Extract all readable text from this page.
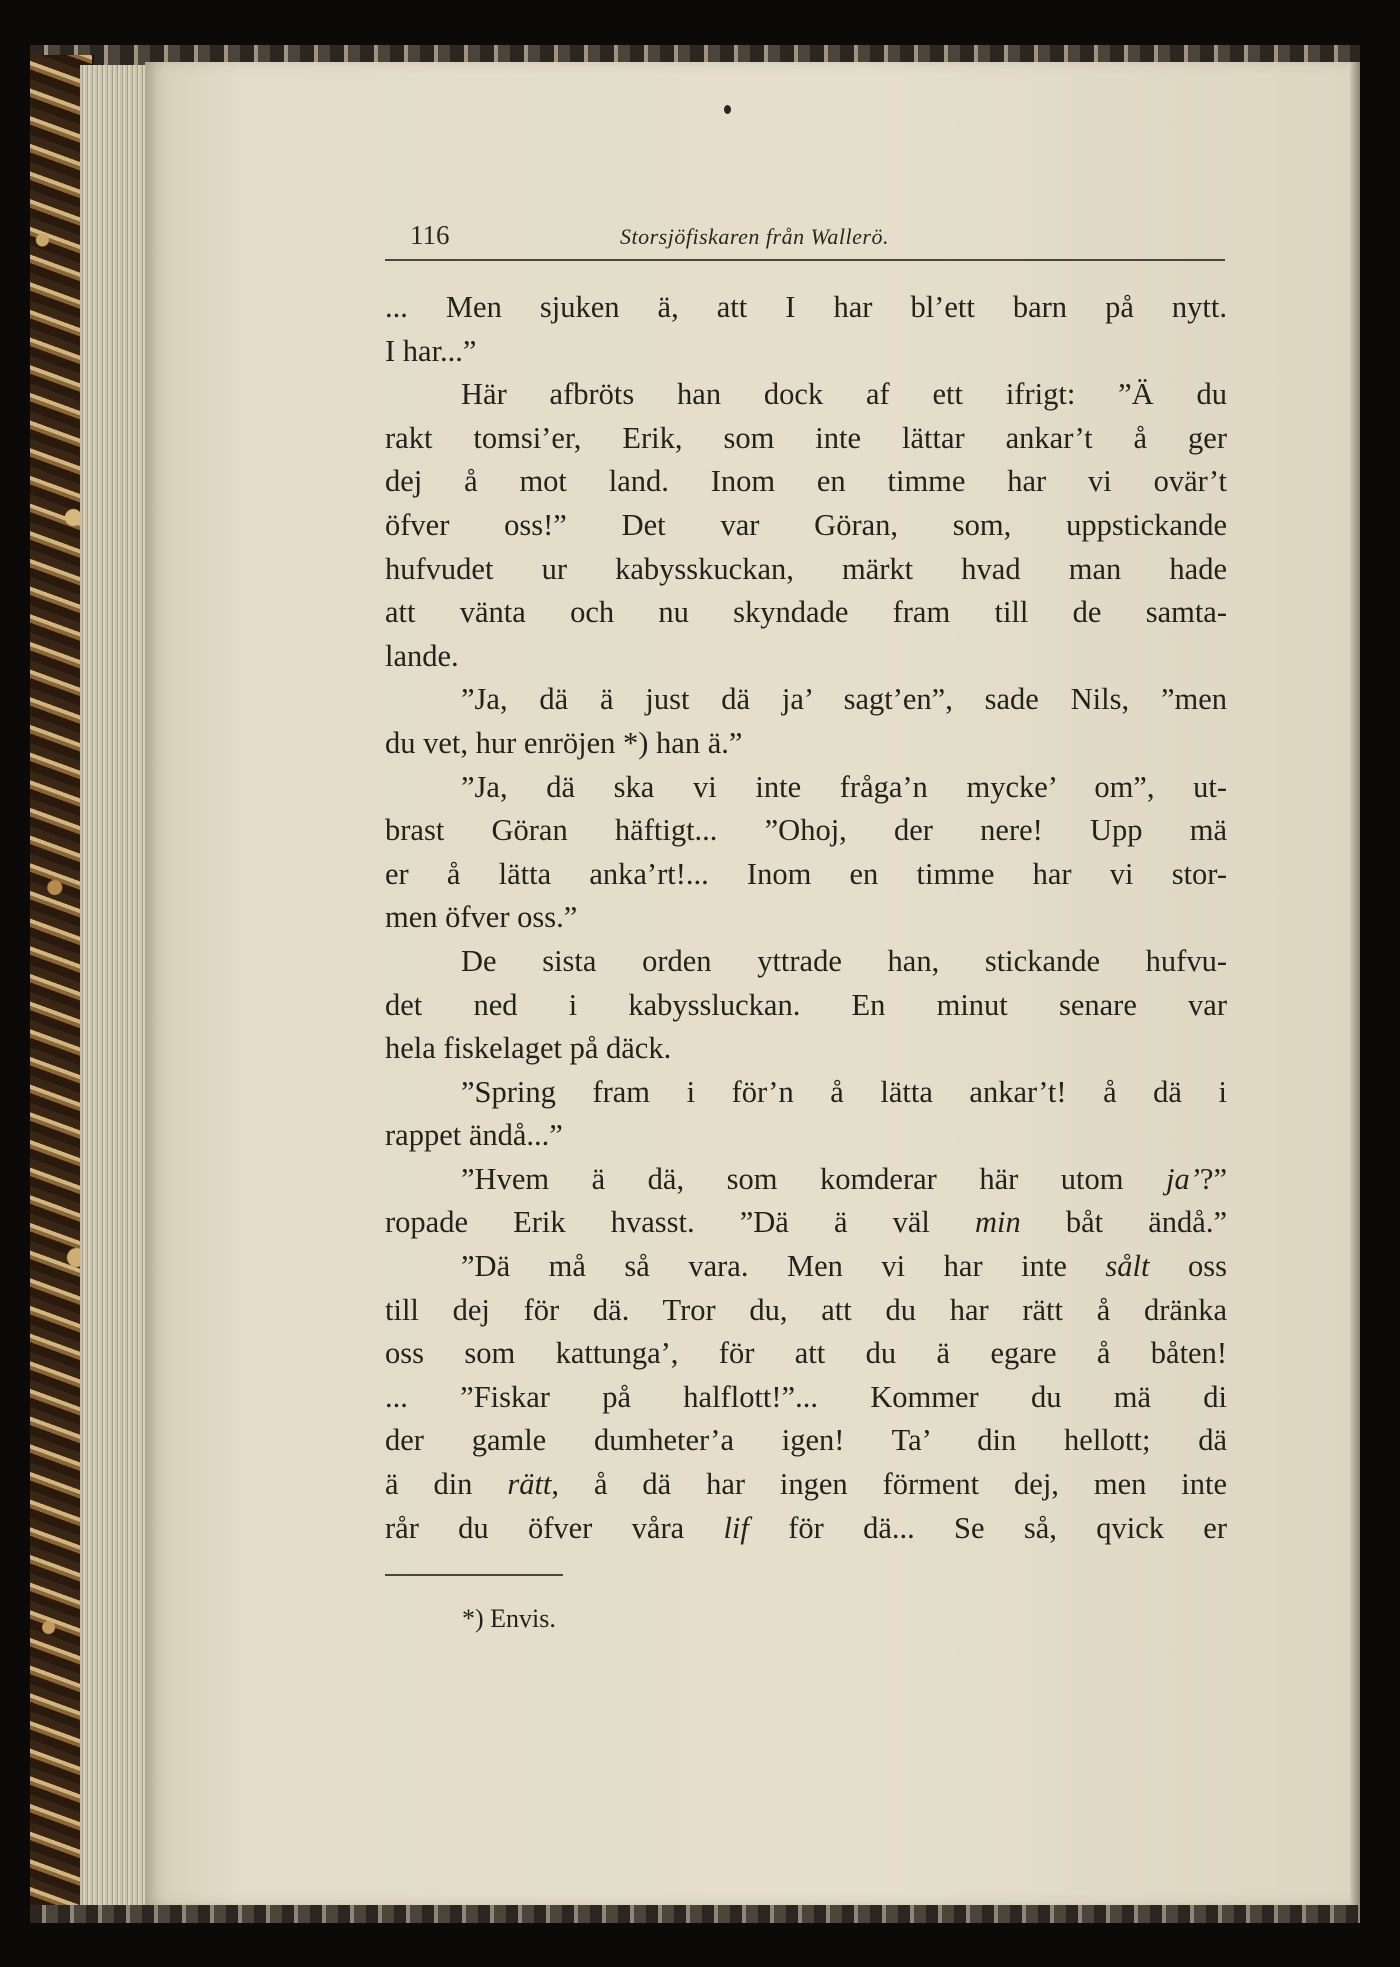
116	Storsjöfiskaren från Wallerö.
... Men sjuken ä, att I har bl’ett barn på nytt.
I har...”
Här afbröts han dock af ett ifrigt: ”Ä du
rakt tomsi’er, Erik, som inte lättar ankar’t å ger
dej å mot land. Inom en timme har vi ovär’t
öfver oss!” Det var Göran, som, uppstickande
hufvudet ur kabysskuckan, märkt hvad man hade
att vänta och nu skyndade fram till de samta-
lande.
”Ja, dä ä just dä ja’ sagt’en”, sade Nils, ”men
du vet, hur enröjen *) han ä.”
”Ja, dä ska vi inte fråga’n mycke’ om”, ut-
brast Göran häftigt... ”Ohoj, der nere! Upp mä
er å lätta anka’rt!... Inom en timme har vi stor-
men öfver oss.”
De sista orden yttrade han, stickande hufvu-
det ned i kabyssluckan. En minut senare var
hela fiskelaget på däck.
”Spring fram i för’n å lätta ankar’t! å dä i
rappet ändå...”
”Hvem ä dä, som komderar här utom ja’?”
ropade Erik hvasst. ”Dä ä väl min båt ändå.”
”Dä må så vara. Men vi har inte sålt oss
till dej för dä. Tror du, att du har rätt å dränka
oss som kattunga’, för att du ä egare å båten!
... ”Fiskar på halflott!”... Kommer du mä di
der gamle dumheter’a igen! Ta’ din hellott; dä
ä din rätt, å dä har ingen förment dej, men inte
rår du öfver våra lif för dä... Se så, qvick er
*) Envis.
